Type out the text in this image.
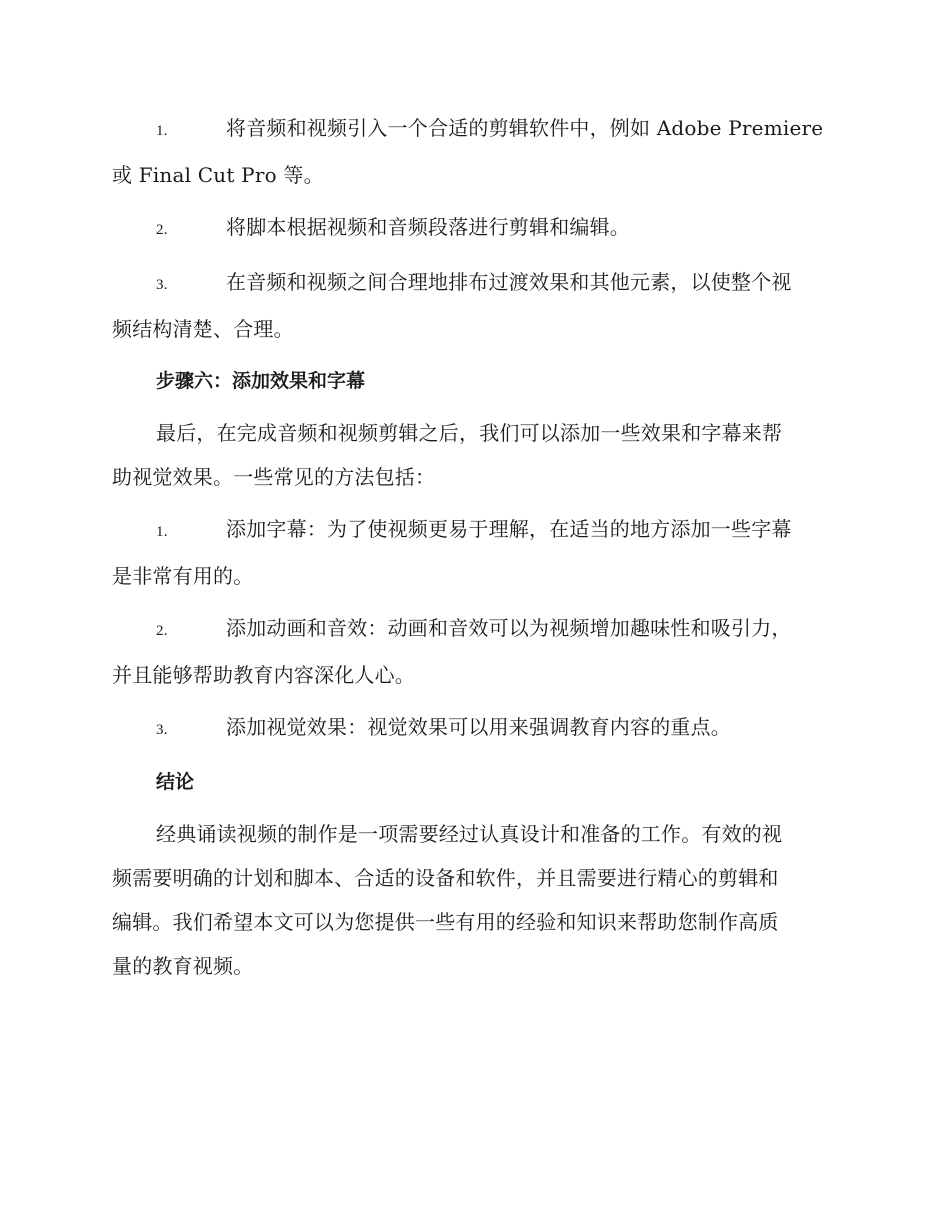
1.	将音频和视频引入一个合适的剪辑软件中，例如 Adobe Premiere
或 Final Cut Pro 等。
2.	将脚本根据视频和音频段落进行剪辑和编辑。
3.	在音频和视频之间合理地排布过渡效果和其他元素，以使整个视
频结构清楚、合理。
步骤六：添加效果和字幕
最后，在完成音频和视频剪辑之后，我们可以添加一些效果和字幕来帮
助视觉效果。一些常见的方法包括：
1.	添加字幕：为了使视频更易于理解，在适当的地方添加一些字幕
是非常有用的。
2.	添加动画和音效：动画和音效可以为视频增加趣味性和吸引力，
并且能够帮助教育内容深化人心。
3.	添加视觉效果：视觉效果可以用来强调教育内容的重点。
结论
经典诵读视频的制作是一项需要经过认真设计和准备的工作。有效的视
频需要明确的计划和脚本、合适的设备和软件，并且需要进行精心的剪辑和
编辑。我们希望本文可以为您提供一些有用的经验和知识来帮助您制作高质
量的教育视频。
